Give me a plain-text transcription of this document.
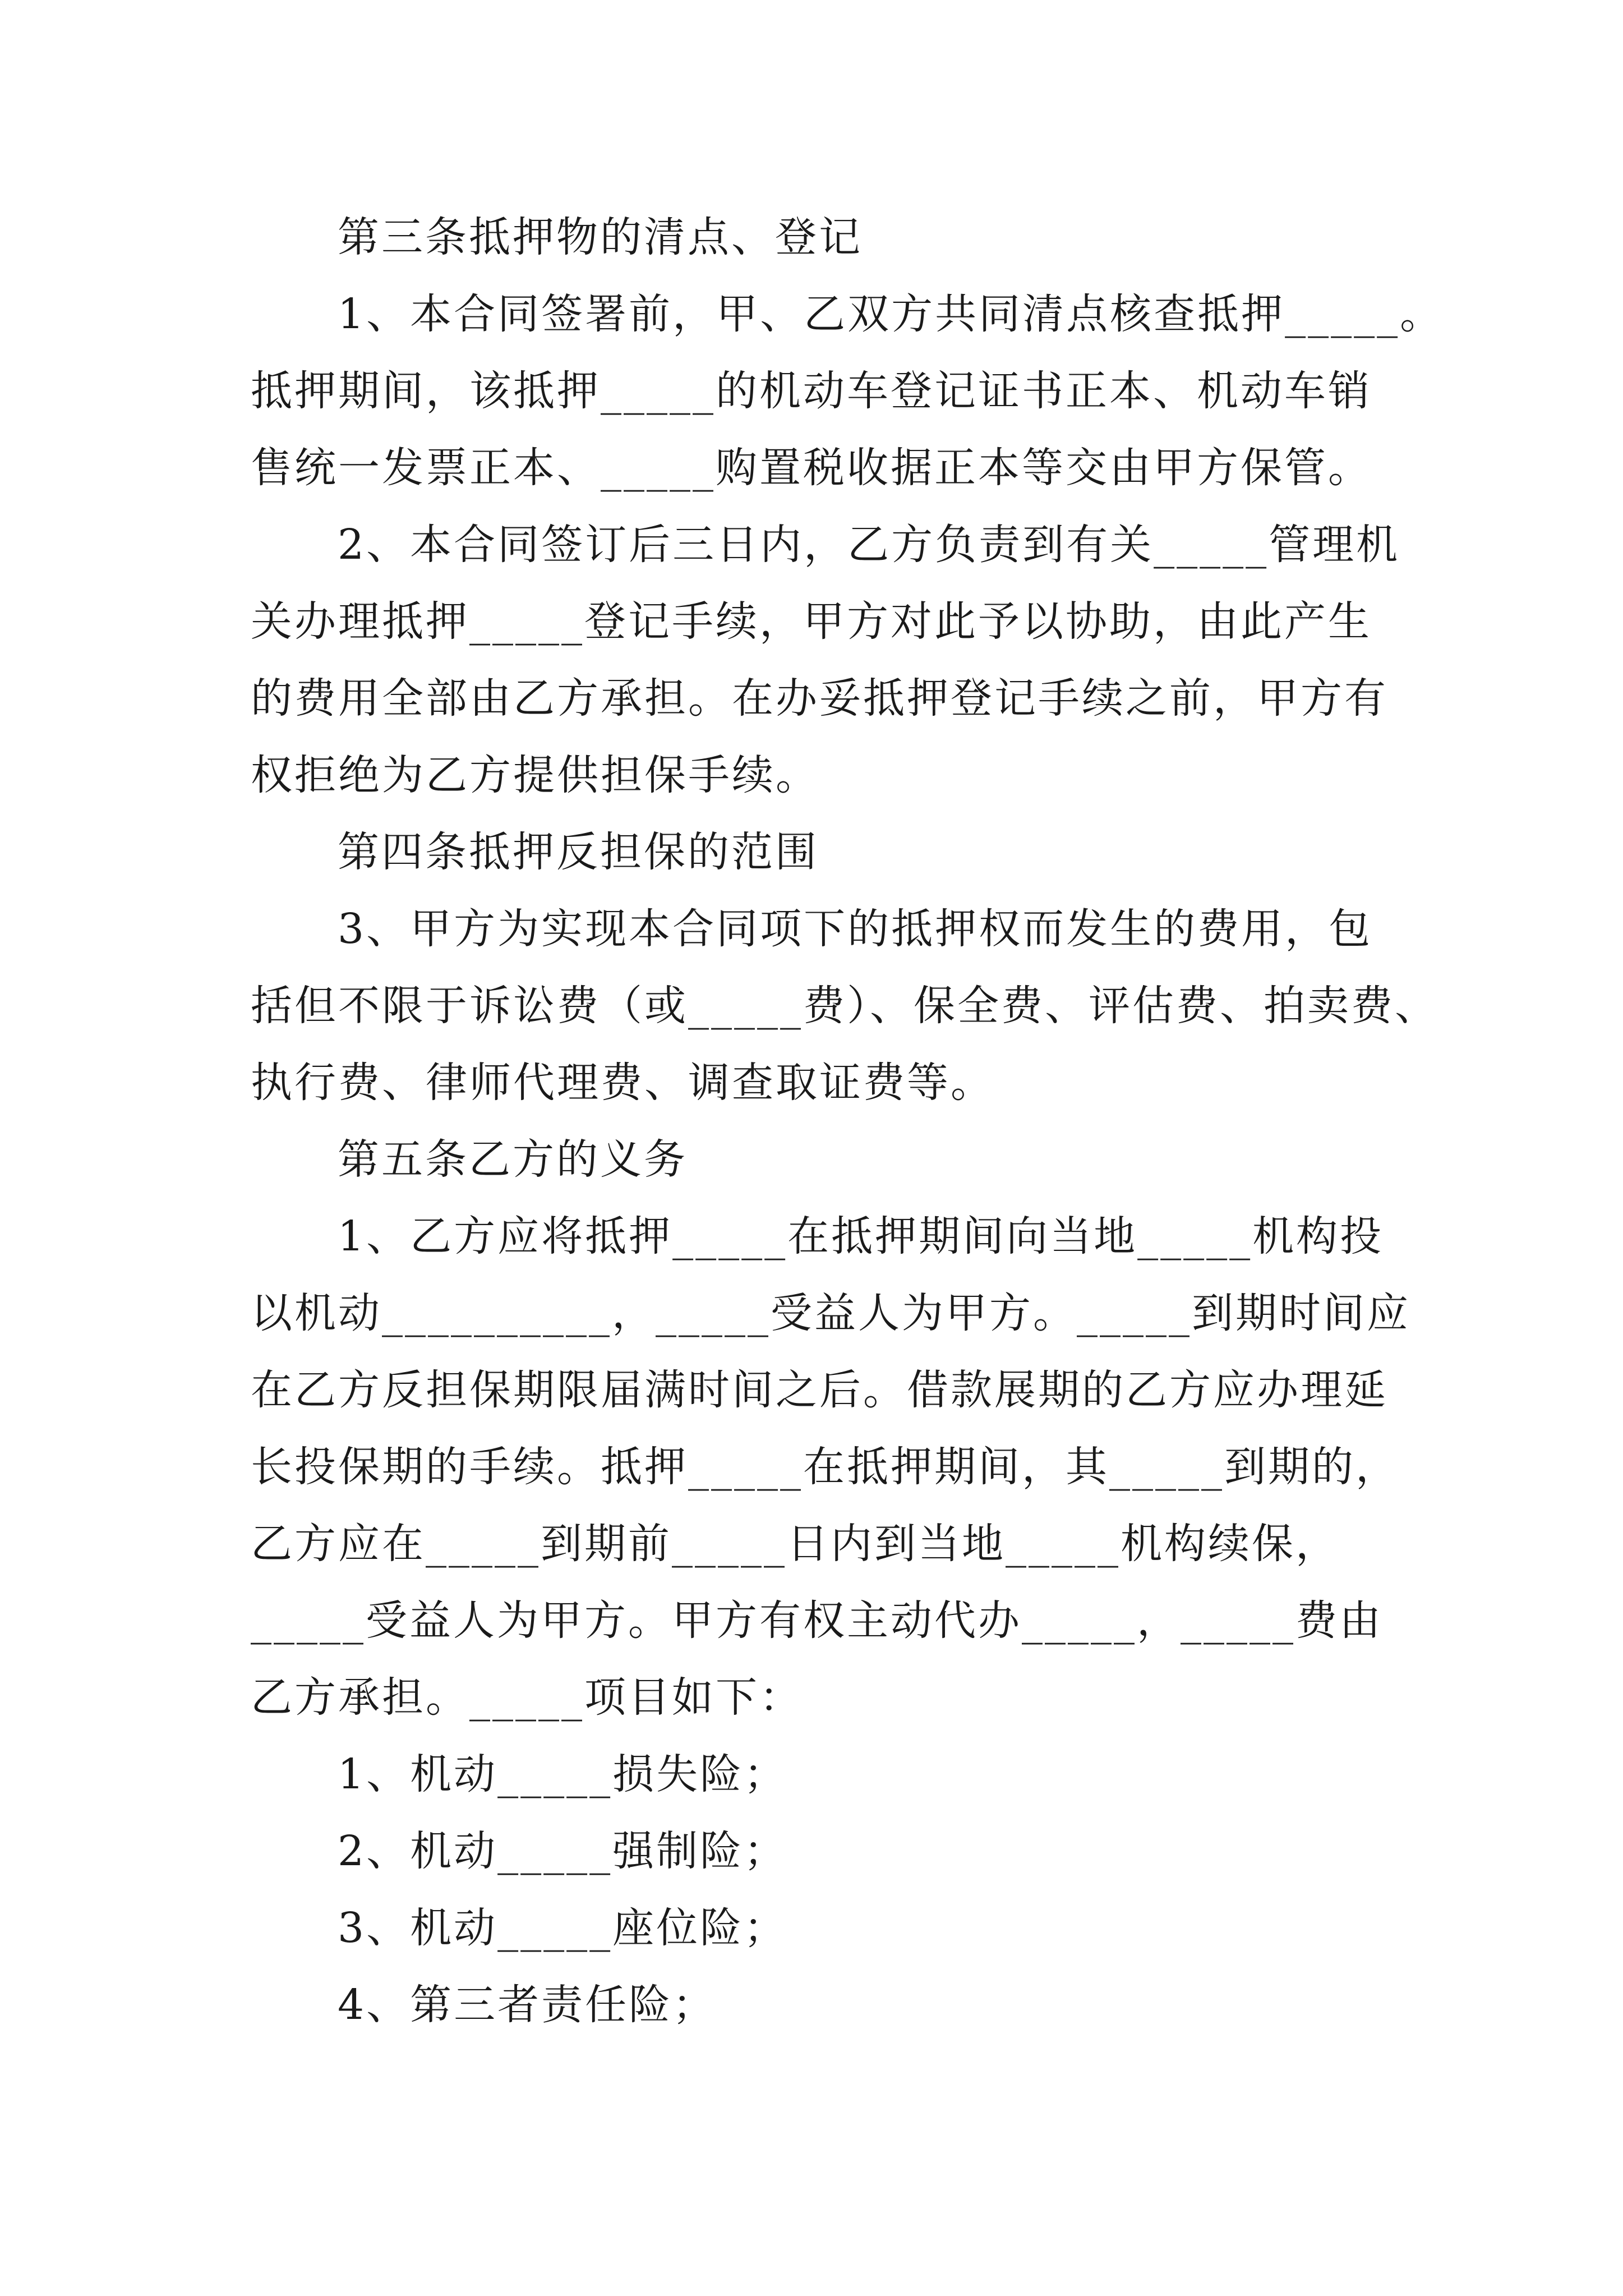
第三条抵押物的清点、登记

1、本合同签署前，甲、乙双方共同清点核查抵押_____。
抵押期间，该抵押_____的机动车登记证书正本、机动车销
售统一发票正本、_____购置税收据正本等交由甲方保管。

2、本合同签订后三日内，乙方负责到有关_____管理机
关办理抵押_____登记手续，甲方对此予以协助，由此产生
的费用全部由乙方承担。在办妥抵押登记手续之前，甲方有
权拒绝为乙方提供担保手续。

第四条抵押反担保的范围

3、甲方为实现本合同项下的抵押权而发生的费用，包
括但不限于诉讼费（或_____费）、保全费、评估费、拍卖费、
执行费、律师代理费、调查取证费等。

第五条乙方的义务

1、乙方应将抵押_____在抵押期间向当地_____机构投
以机动__________，_____受益人为甲方。_____到期时间应
在乙方反担保期限届满时间之后。借款展期的乙方应办理延
长投保期的手续。抵押_____在抵押期间，其_____到期的，
乙方应在_____到期前_____日内到当地_____机构续保，
_____受益人为甲方。甲方有权主动代办_____，_____费由
乙方承担。_____项目如下：

1、机动_____损失险；

2、机动_____强制险；

3、机动_____座位险；

4、第三者责任险；
